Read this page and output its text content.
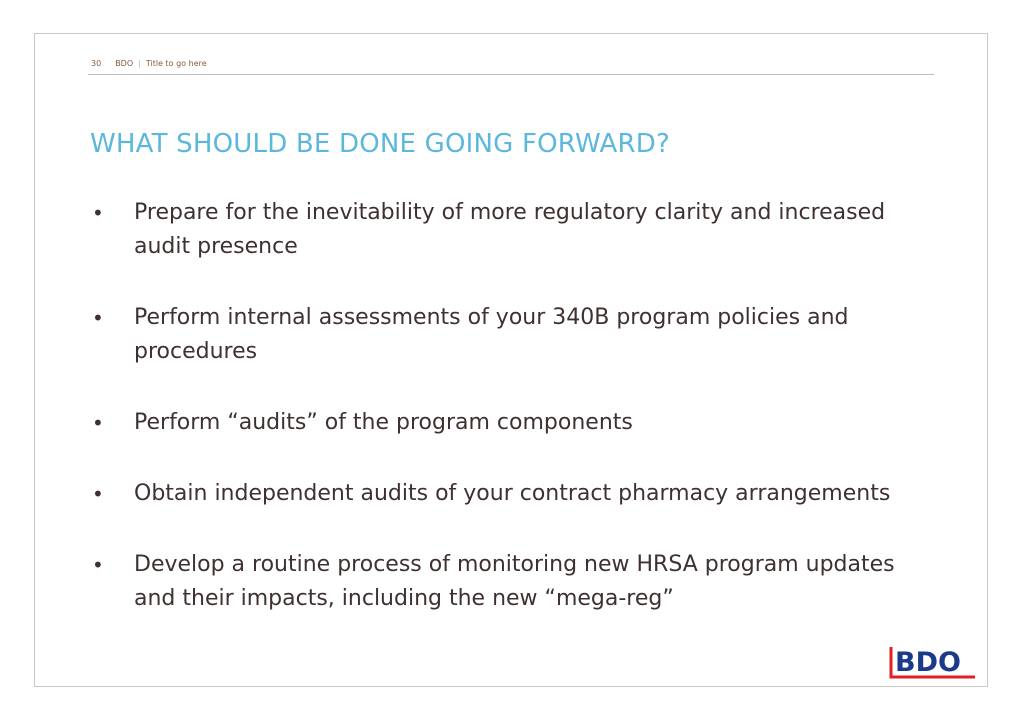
30 BDO | Title to go here
WHAT SHOULD BE DONE GOING FORWARD?
• Prepare for the inevitability of more regulatory clarity and increased audit presence
• Perform internal assessments of your 340B program policies and procedures
• Perform “audits” of the program components
• Obtain independent audits of your contract pharmacy arrangements
• Develop a routine process of monitoring new HRSA program updates and their impacts, including the new “mega-reg”
BDO
